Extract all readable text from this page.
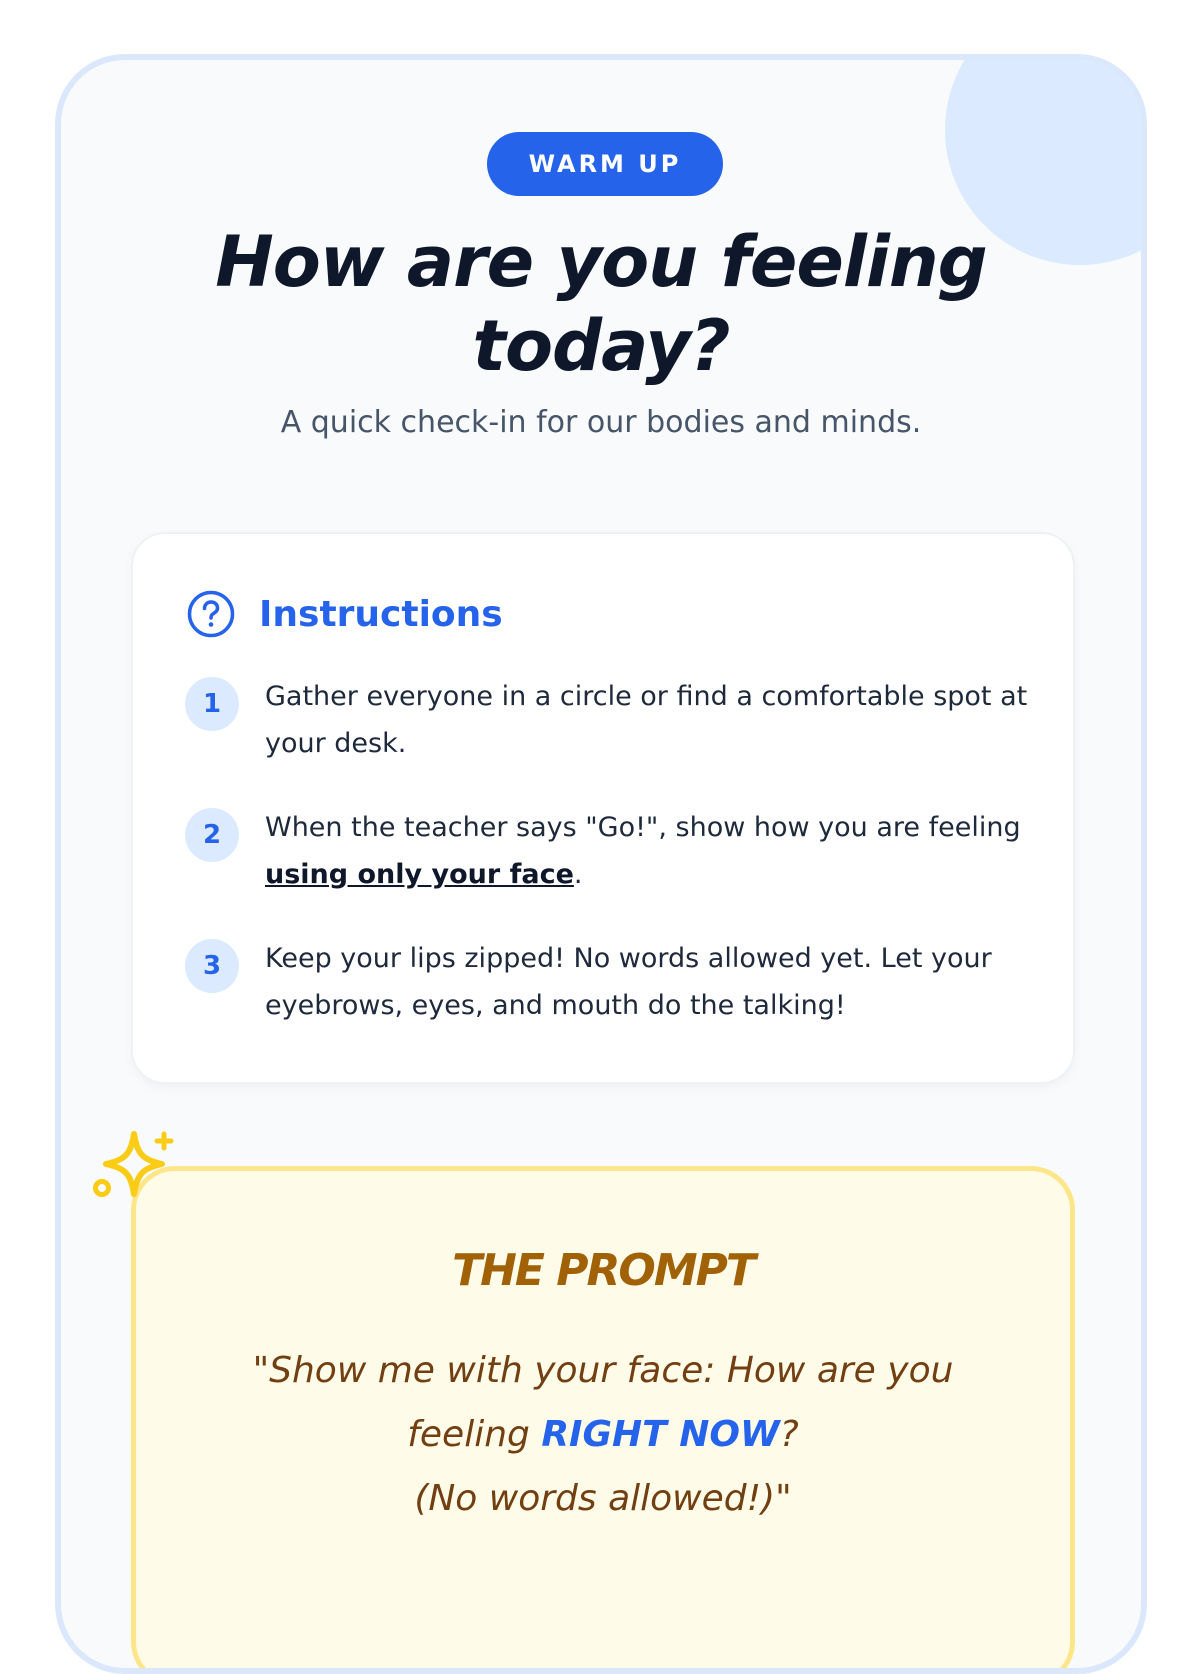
WARM UP
How are you feeling today?

A quick check-in for our bodies and minds.

Instructions
1	Gather everyone in a circle or find a comfortable spot at your desk.
2	When the teacher says "Go!", show how you are feeling using only your face.
3	Keep your lips zipped! No words allowed yet. Let your eyebrows, eyes, and mouth do the talking!
THE PROMPT
"Show me with your face: How are you feeling RIGHT NOW?
(No words allowed!)"
